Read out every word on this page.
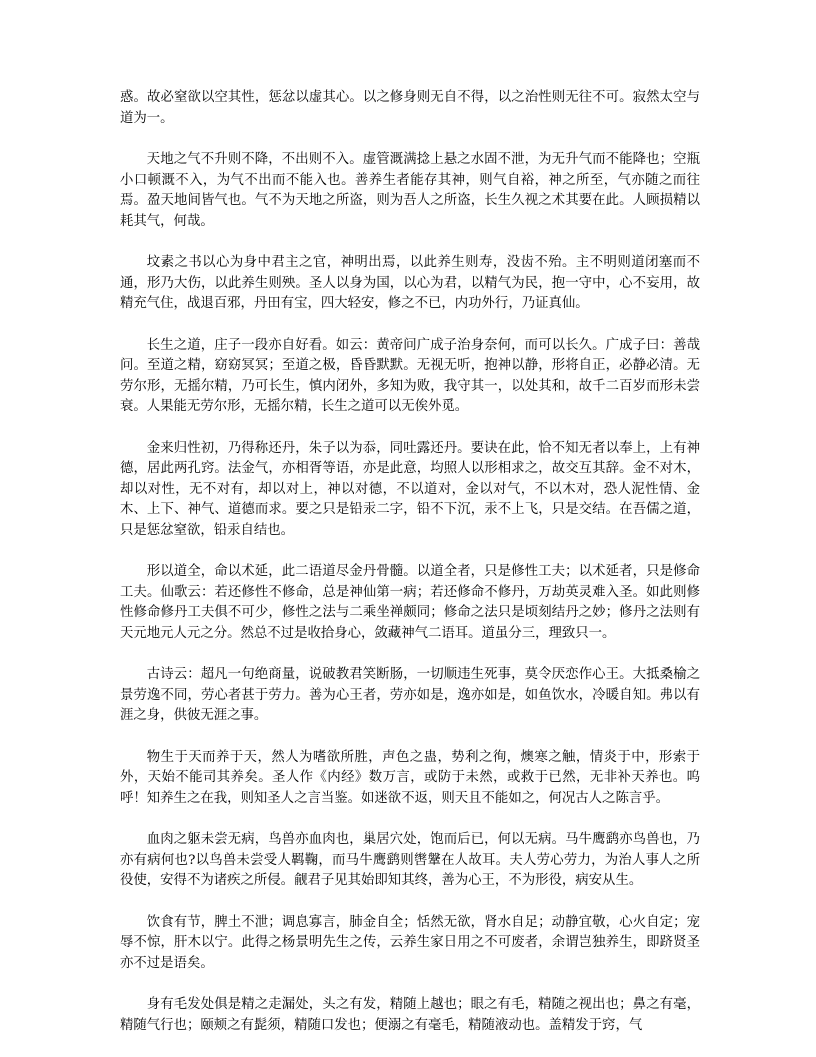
惑。故必窒欲以空其性，惩忿以虚其心。以之修身则无自不得，以之治性则无往不可。寂然太空与道为一。

天地之气不升则不降，不出则不入。虚管溉满捻上悬之水固不泄，为无升气而不能降也；空瓶小口顿溉不入，为气不出而不能入也。善养生者能存其神，则气自裕，神之所至，气亦随之而往焉。盈天地间皆气也。气不为天地之所盗，则为吾人之所盗，长生久视之术其要在此。人顾损精以耗其气，何哉。

坟素之书以心为身中君主之官，神明出焉，以此养生则寿，没齿不殆。主不明则道闭塞而不通，形乃大伤，以此养生则殃。圣人以身为国，以心为君，以精气为民，抱一守中，心不妄用，故精充气住，战退百邪，丹田有宝，四大轻安，修之不已，内功外行，乃证真仙。

长生之道，庄子一段亦自好看。如云：黄帝问广成子治身奈何，而可以长久。广成子曰：善哉问。至道之精，窈窈冥冥；至道之极，昏昏默默。无视无听，抱神以静，形将自正，必静必清。无劳尔形，无摇尔精，乃可长生，慎内闭外，多知为败，我守其一，以处其和，故千二百岁而形未尝衰。人果能无劳尔形，无摇尔精，长生之道可以无俟外觅。

金来归性初，乃得称还丹，朱子以为忝，同吐露还丹。要诀在此，恰不知无者以奉上，上有神德，居此两孔窍。法金气，亦相胥等语，亦是此意，均照人以形相求之，故交互其辞。金不对木，却以对性，无不对有，却以对上，神以对德，不以道对，金以对气，不以木对，恐人泥性情、金木、上下、神气、道德而求。要之只是铅汞二字，铅不下沉，汞不上飞，只是交结。在吾儒之道，只是惩忿窒欲，铅汞自结也。

形以道全，命以术延，此二语道尽金丹骨髓。以道全者，只是修性工夫；以术延者，只是修命工夫。仙歌云：若还修性不修命，总是神仙第一病；若还修命不修丹，万劫英灵难入圣。如此则修性修命修丹工夫俱不可少，修性之法与二乘坐禅颇同；修命之法只是顷刻结丹之妙；修丹之法则有天元地元人元之分。然总不过是收拾身心，敛藏神气二语耳。道虽分三，理致只一。

古诗云：超凡一句绝商量，说破教君笑断肠，一切顺违生死事，莫令厌恋作心王。大抵桑榆之景劳逸不同，劳心者甚于劳力。善为心王者，劳亦如是，逸亦如是，如鱼饮水，冷暖自知。弗以有涯之身，供彼无涯之事。

物生于天而养于天，然人为嗜欲所胜，声色之蛊，势利之徇，燠寒之触，情炎于中，形索于外，天始不能司其养矣。圣人作《内经》数万言，或防于未然，或救于已然，无非补天养也。呜呼！知养生之在我，则知圣人之言当鉴。如迷欲不返，则天且不能如之，何况古人之陈言乎。

血肉之躯未尝无病，鸟兽亦血肉也，巢居穴处，饱而后已，何以无病。马牛鹰鹞亦鸟兽也，乃亦有病何也?以鸟兽未尝受人羁鞠，而马牛鹰鹞则辔鞶在人故耳。夫人劳心劳力，为治人事人之所役使，安得不为诸疾之所侵。觎君子见其始即知其终，善为心王，不为形役，病安从生。

饮食有节，脾土不泄；调息寡言，肺金自全；恬然无欲，肾水自足；动静宜敬，心火自定；宠辱不惊，肝木以宁。此得之杨景明先生之传，云养生家日用之不可废者，余谓岂独养生，即跻贤圣亦不过是语矣。

身有毛发处俱是精之走漏处，头之有发，精随上越也；眼之有毛，精随之视出也；鼻之有毫，精随气行也；颐颊之有髭须，精随口发也；便溺之有毫毛，精随液动也。盖精发于窍，气
